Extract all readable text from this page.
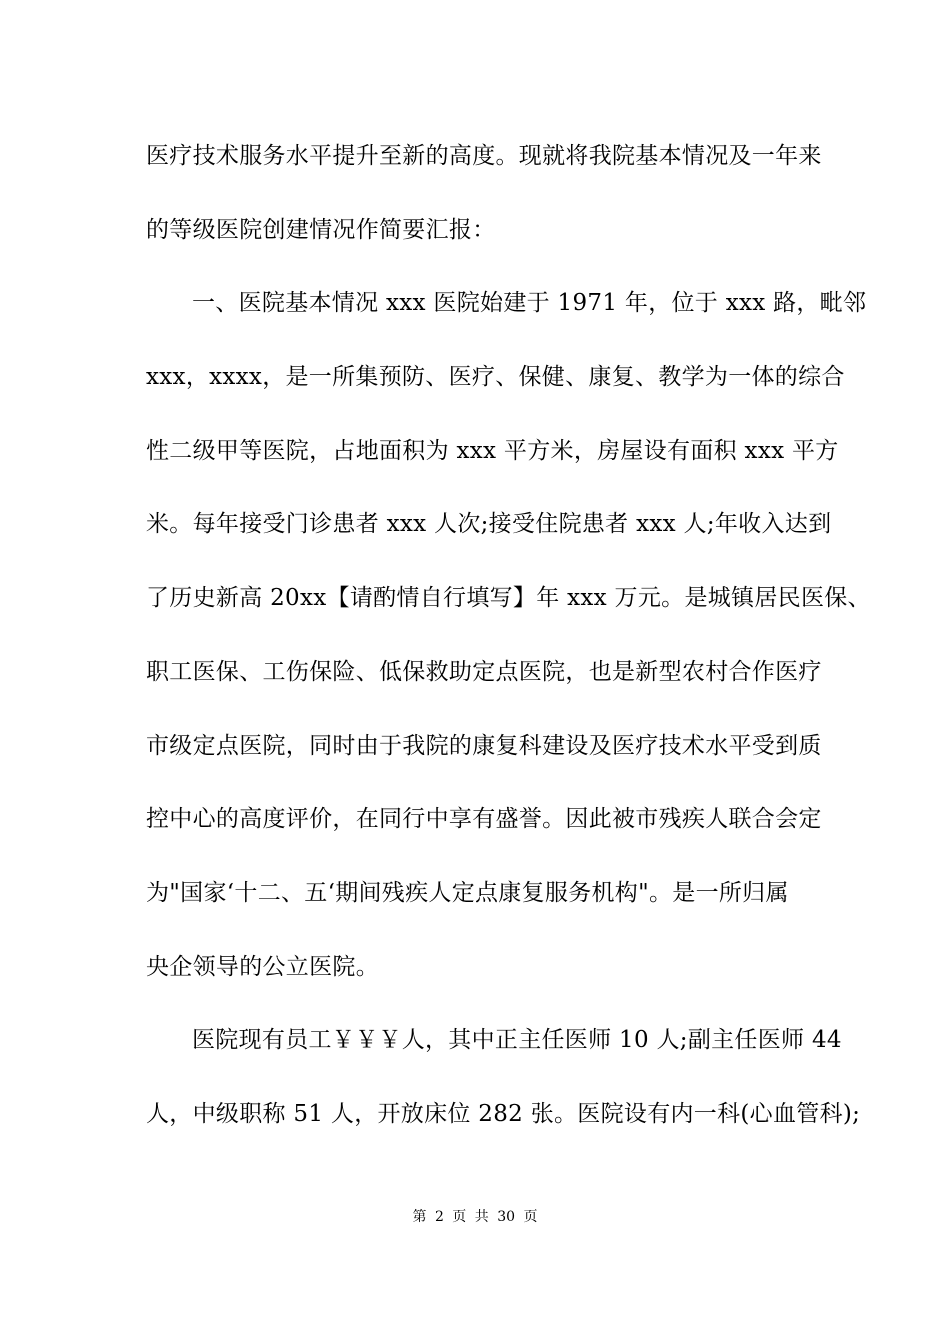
医疗技术服务水平提升至新的高度。现就将我院基本情况及一年来
的等级医院创建情况作简要汇报：
一、医院基本情况 xxx 医院始建于 1971 年，位于 xxx 路，毗邻
xxx，xxxx，是一所集预防、医疗、保健、康复、教学为一体的综合
性二级甲等医院，占地面积为 xxx 平方米，房屋设有面积 xxx 平方
米。每年接受门诊患者 xxx 人次;接受住院患者 xxx 人;年收入达到
了历史新高 20xx【请酌情自行填写】年 xxx 万元。是城镇居民医保、
职工医保、工伤保险、低保救助定点医院，也是新型农村合作医疗
市级定点医院，同时由于我院的康复科建设及医疗技术水平受到质
控中心的高度评价，在同行中享有盛誉。因此被市残疾人联合会定
为"国家‘十二、五‘期间残疾人定点康复服务机构"。是一所归属
央企领导的公立医院。
医院现有员工￥￥￥人，其中正主任医师 10 人;副主任医师 44
人，中级职称 51 人，开放床位 282 张。医院设有内一科(心血管科);
第 2 页 共 30 页
